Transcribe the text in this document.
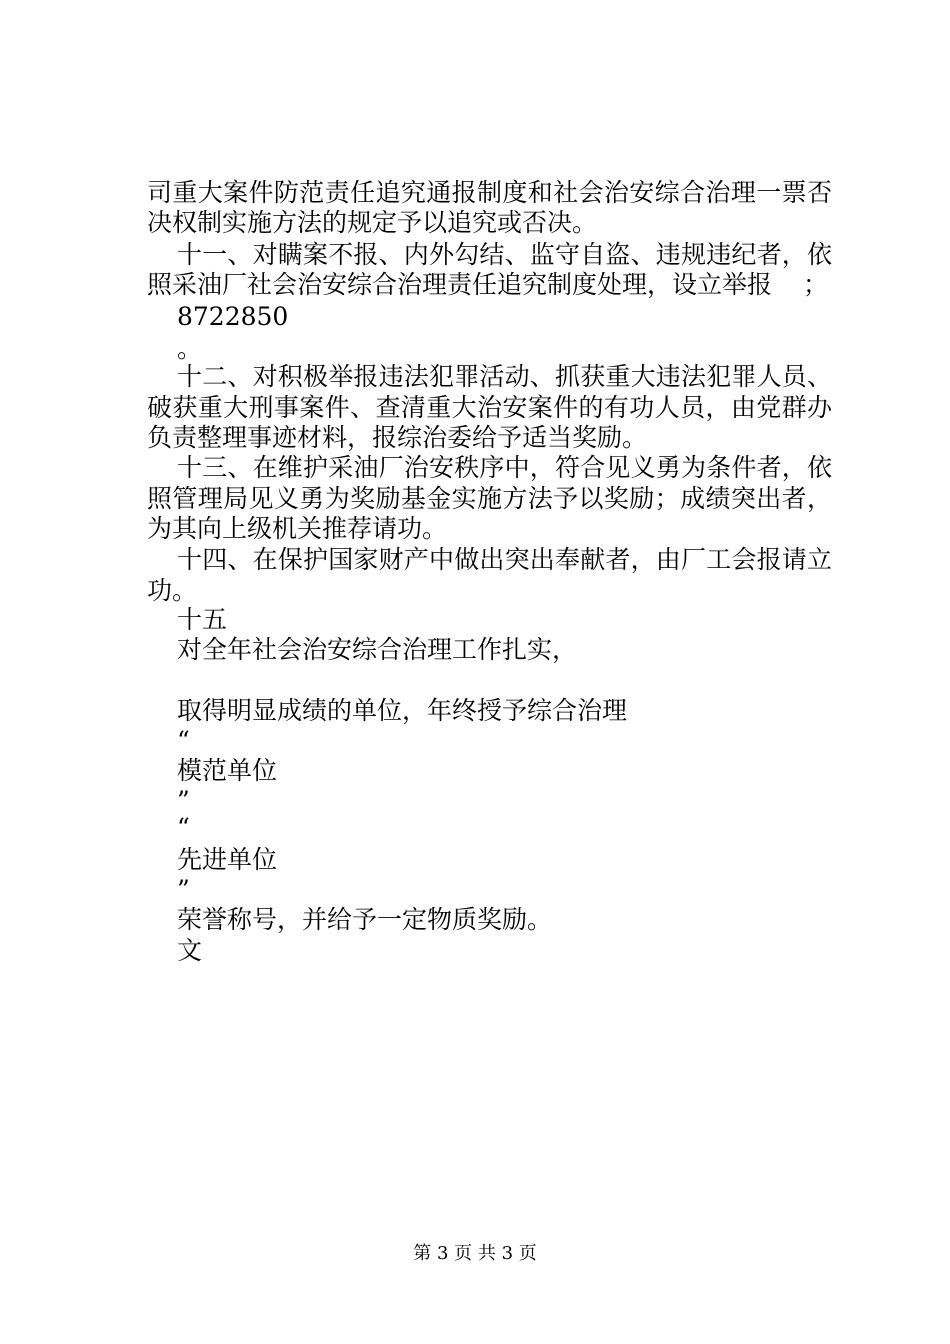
司重大案件防范责任追究通报制度和社会治安综合治理一票否
决权制实施方法的规定予以追究或否决。
十一、对瞒案不报、内外勾结、监守自盗、违规违纪者，依
照采油厂社会治安综合治理责任追究制度处理，设立举报 ；
8722850
。
十二、对积极举报违法犯罪活动、抓获重大违法犯罪人员、
破获重大刑事案件、查清重大治安案件的有功人员，由党群办
负责整理事迹材料，报综治委给予适当奖励。
十三、在维护采油厂治安秩序中，符合见义勇为条件者，依
照管理局见义勇为奖励基金实施方法予以奖励；成绩突出者，
为其向上级机关推荐请功。
十四、在保护国家财产中做出突出奉献者，由厂工会报请立
功。
十五
对全年社会治安综合治理工作扎实，
取得明显成绩的单位，年终授予综合治理
“
模范单位
”
“
先进单位
”
荣誉称号，并给予一定物质奖励。
文
第 3 页 共 3 页
